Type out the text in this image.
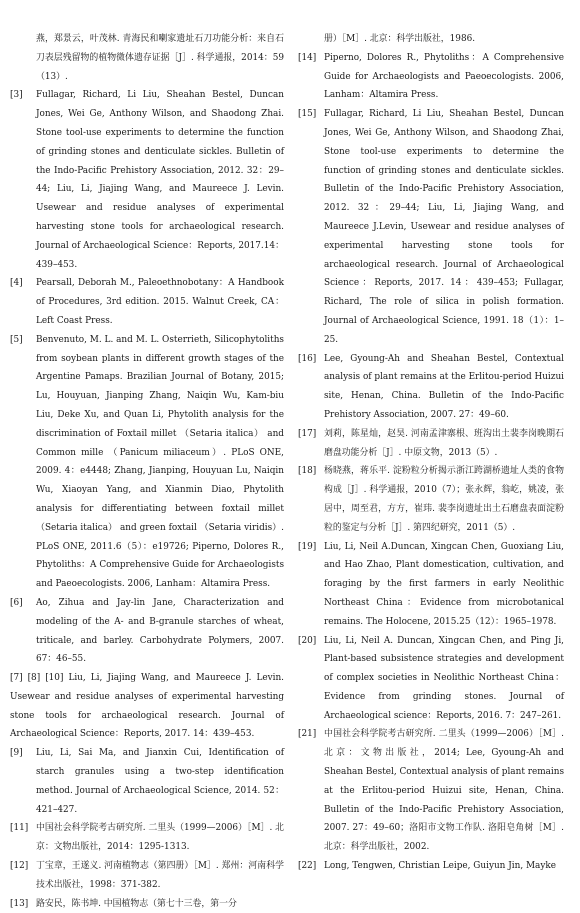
燕，郑景云，叶茂林. 青海民和喇家遗址石刀功能分析：来自石刀表层残留物的植物微体遗存证据［J］. 科学通报，2014：59（13）.
[3]	Fullagar, Richard, Li Liu, Sheahan Bestel, Duncan Jones, Wei Ge, Anthony Wilson, and Shaodong Zhai. Stone tool-use experiments to determine the function of grinding stones and denticulate sickles. Bulletin of the Indo-Pacific Prehistory Association, 2012. 32：29–44; Liu, Li, Jiajing Wang, and Maureece J. Levin. Usewear and residue analyses of experimental harvesting stone tools for archaeological research. Journal of Archaeological Science：Reports, 2017.14：439–453.
[4]	Pearsall, Deborah M., Paleoethnobotany：A Handbook of Procedures, 3rd edition. 2015. Walnut Creek, CA：Left Coast Press.
[5]	Benvenuto, M. L. and M. L. Osterrieth, Silicophytoliths from soybean plants in different growth stages of the Argentine Pamaps. Brazilian Journal of Botany, 2015; Lu, Houyuan, Jianping Zhang, Naiqin Wu, Kam-biu Liu, Deke Xu, and Quan Li, Phytolith analysis for the discrimination of Foxtail millet （Setaria italica） and Common mille （Panicum miliaceum）. PLoS ONE, 2009. 4：e4448; Zhang, Jianping, Houyuan Lu, Naiqin Wu, Xiaoyan Yang, and Xianmin Diao, Phytolith analysis for differentiating between foxtail millet （Setaria italica） and green foxtail （Setaria viridis）. PLoS ONE, 2011.6（5）：e19726; Piperno, Dolores R., Phytoliths：A Comprehensive Guide for Archaeologists and Paeoecologists. 2006, Lanham：Altamira Press.
[6]	Ao, Zihua and Jay-lin Jane, Characterization and modeling of the A- and B-granule starches of wheat, triticale, and barley. Carbohydrate Polymers, 2007. 67：46–55.
[7] [8] [10] Liu, Li, Jiajing Wang, and Maureece J. Levin. Usewear and residue analyses of experimental harvesting stone tools for archaeological research. Journal of Archaeological Science：Reports, 2017. 14：439–453.
[9]	Liu, Li, Sai Ma, and Jianxin Cui, Identification of starch granules using a two-step identification method. Journal of Archaeological Science, 2014. 52：421–427.
[11] 中国社会科学院考古研究所. 二里头（1999—2006）［M］. 北京：文物出版社，2014：1295-1313.
[12] 丁宝章，王遂义. 河南植物志（第四册）［M］. 郑州：河南科学技术出版社，1998：371-382.
[13] 路安民，陈书坤. 中国植物志（第七十三卷，第一分
册）［M］. 北京：科学出版社，1986.
[14] Piperno, Dolores R., Phytoliths：A Comprehensive Guide for Archaeologists and Paeoecologists. 2006, Lanham：Altamira Press.
[15] Fullagar, Richard, Li Liu, Sheahan Bestel, Duncan Jones, Wei Ge, Anthony Wilson, and Shaodong Zhai, Stone tool-use experiments to determine the function of grinding stones and denticulate sickles. Bulletin of the Indo-Pacific Prehistory Association, 2012. 32：29–44; Liu, Li, Jiajing Wang, and Maureece J.Levin, Usewear and residue analyses of experimental harvesting stone tools for archaeological research. Journal of Archaeological Science：Reports, 2017. 14：439–453; Fullagar, Richard, The role of silica in polish formation. Journal of Archaeological Science, 1991. 18（1）：1–25.
[16] Lee, Gyoung-Ah and Sheahan Bestel, Contextual analysis of plant remains at the Erlitou-period Huizui site, Henan, China. Bulletin of the Indo-Pacific Prehistory Association, 2007. 27：49–60.
[17] 刘莉，陈星灿，赵昊. 河南孟津寨根、班沟出土裴李岗晚期石磨盘功能分析［J］. 中原文物，2013（5）.
[18] 杨晓燕，蒋乐平. 淀粉粒分析揭示浙江跨湖桥遗址人类的食物构成［J］. 科学通报，2010（7）；张永辉，翁屹，姚凌，张居中，周至君，方方，崔玮. 裴李岗遗址出土石磨盘表面淀粉粒的鉴定与分析［J］. 第四纪研究，2011（5）.
[19] Liu, Li, Neil A.Duncan, Xingcan Chen, Guoxiang Liu, and Hao Zhao, Plant domestication, cultivation, and foraging by the first farmers in early Neolithic Northeast China：Evidence from microbotanical remains. The Holocene, 2015.25（12）：1965–1978.
[20] Liu, Li, Neil A. Duncan, Xingcan Chen, and Ping Ji, Plant-based subsistence strategies and development of complex societies in Neolithic Northeast China：Evidence from grinding stones. Journal of Archaeological science：Reports, 2016. 7：247–261.
[21] 中国社会科学院考古研究所. 二里头（1999—2006）［M］. 北京：文物出版社，2014; Lee, Gyoung-Ah and Sheahan Bestel, Contextual analysis of plant remains at the Erlitou-period Huizui site, Henan, China. Bulletin of the Indo-Pacific Prehistory Association, 2007. 27：49–60；洛阳市文物工作队. 洛阳皂角树［M］. 北京：科学出版社，2002.
[22] Long, Tengwen, Christian Leipe, Guiyun Jin, Mayke
